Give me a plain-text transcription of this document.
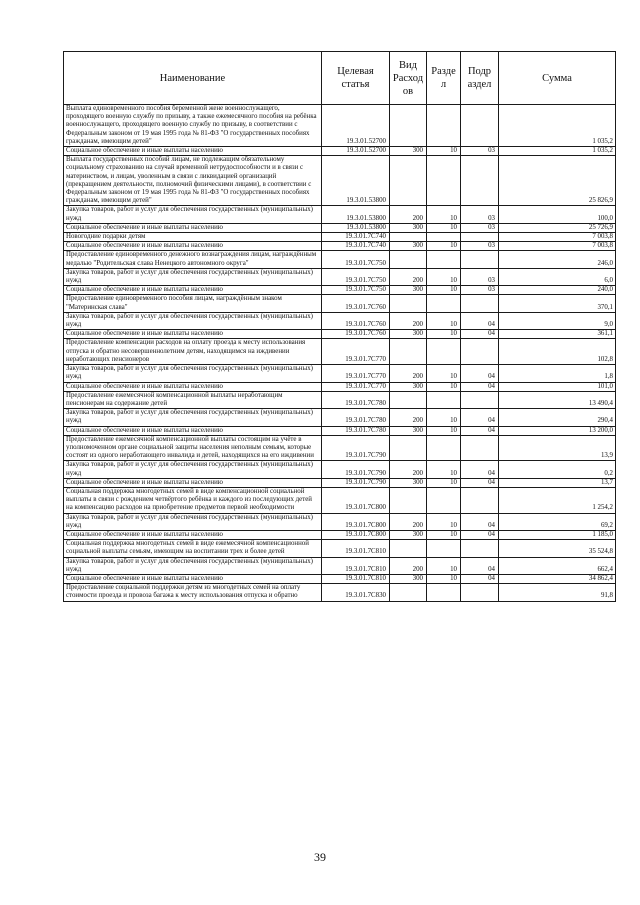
Наименование	Целевая статья	Вид Расход ов	Разде л	Подр аздел	Сумма
Выплата единовременного пособия беременной жене военнослужащего, проходящего военную службу по призыву, а также ежемесячного пособия на ребёнка военнослужащего, проходящего военную службу по призыву, в соответствии с Федеральным законом от 19 мая 1995 года № 81-ФЗ "О государственных пособиях гражданам, имеющим детей"	19.3.01.52700				1 035,2
Социальное обеспечение и иные выплаты населению	19.3.01.52700	300	10	03	1 035,2
Выплата государственных пособий лицам, не подлежащим обязательному социальному страхованию на случай временной нетрудоспособности и в связи с материнством, и лицам, уволенным в связи с ликвидацией организаций (прекращением деятельности, полномочий физическими лицами), в соответствии с Федеральным законом от 19 мая 1995 года № 81-ФЗ "О государственных пособиях гражданам, имеющим детей"	19.3.01.53800				25 826,9
Закупка товаров, работ и услуг для обеспечения государственных (муниципальных) нужд	19.3.01.53800	200	10	03	100,0
Социальное обеспечение и иные выплаты населению	19.3.01.53800	300	10	03	25 726,9
Новогодние подарки детям	19.3.01.7С740				7 003,8
Социальное обеспечение и иные выплаты населению	19.3.01.7С740	300	10	03	7 003,8
Предоставление единовременного денежного вознаграждения лицам, награждённым медалью "Родительская слава Ненецкого автономного округа"	19.3.01.7С750				246,0
Закупка товаров, работ и услуг для обеспечения государственных (муниципальных) нужд	19.3.01.7С750	200	10	03	6,0
Социальное обеспечение и иные выплаты населению	19.3.01.7С750	300	10	03	240,0
Предоставление единовременного пособия лицам, награждённым знаком "Материнская слава"	19.3.01.7С760				370,1
Закупка товаров, работ и услуг для обеспечения государственных (муниципальных) нужд	19.3.01.7С760	200	10	04	9,0
Социальное обеспечение и иные выплаты населению	19.3.01.7С760	300	10	04	361,1
Предоставление компенсации расходов на оплату проезда к месту использования отпуска и обратно несовершеннолетним детям, находящимся на иждивении неработающих пенсионеров	19.3.01.7С770				102,8
Закупка товаров, работ и услуг для обеспечения государственных (муниципальных) нужд	19.3.01.7С770	200	10	04	1,8
Социальное обеспечение и иные выплаты населению	19.3.01.7С770	300	10	04	101,0
Предоставление ежемесячной компенсационной выплаты неработающим пенсионерам на содержание детей	19.3.01.7С780				13 490,4
Закупка товаров, работ и услуг для обеспечения государственных (муниципальных) нужд	19.3.01.7С780	200	10	04	290,4
Социальное обеспечение и иные выплаты населению	19.3.01.7С780	300	10	04	13 200,0
Предоставление ежемесячной компенсационной выплаты состоящим на учёте в уполномоченном органе социальной защиты населения неполным семьям, которые состоят из одного неработающего инвалида и детей, находящихся на его иждивении	19.3.01.7С790				13,9
Закупка товаров, работ и услуг для обеспечения государственных (муниципальных) нужд	19.3.01.7С790	200	10	04	0,2
Социальное обеспечение и иные выплаты населению	19.3.01.7С790	300	10	04	13,7
Социальная поддержка многодетных семей в виде компенсационной социальной выплаты в связи с рождением четвёртого ребёнка и каждого из последующих детей на компенсацию расходов на приобретение предметов первой необходимости	19.3.01.7С800				1 254,2
Закупка товаров, работ и услуг для обеспечения государственных (муниципальных) нужд	19.3.01.7С800	200	10	04	69,2
Социальное обеспечение и иные выплаты населению	19.3.01.7С800	300	10	04	1 185,0
Социальная поддержка многодетных семей в виде ежемесячной компенсационной социальной выплаты семьям, имеющим на воспитании трех и более детей	19.3.01.7С810				35 524,8
Закупка товаров, работ и услуг для обеспечения государственных (муниципальных) нужд	19.3.01.7С810	200	10	04	662,4
Социальное обеспечение и иные выплаты населению	19.3.01.7С810	300	10	04	34 862,4
Предоставление социальной поддержки детям из многодетных семей на оплату стоимости проезда и провоза багажа к месту использования отпуска и обратно	19.3.01.7С830				91,8
39
